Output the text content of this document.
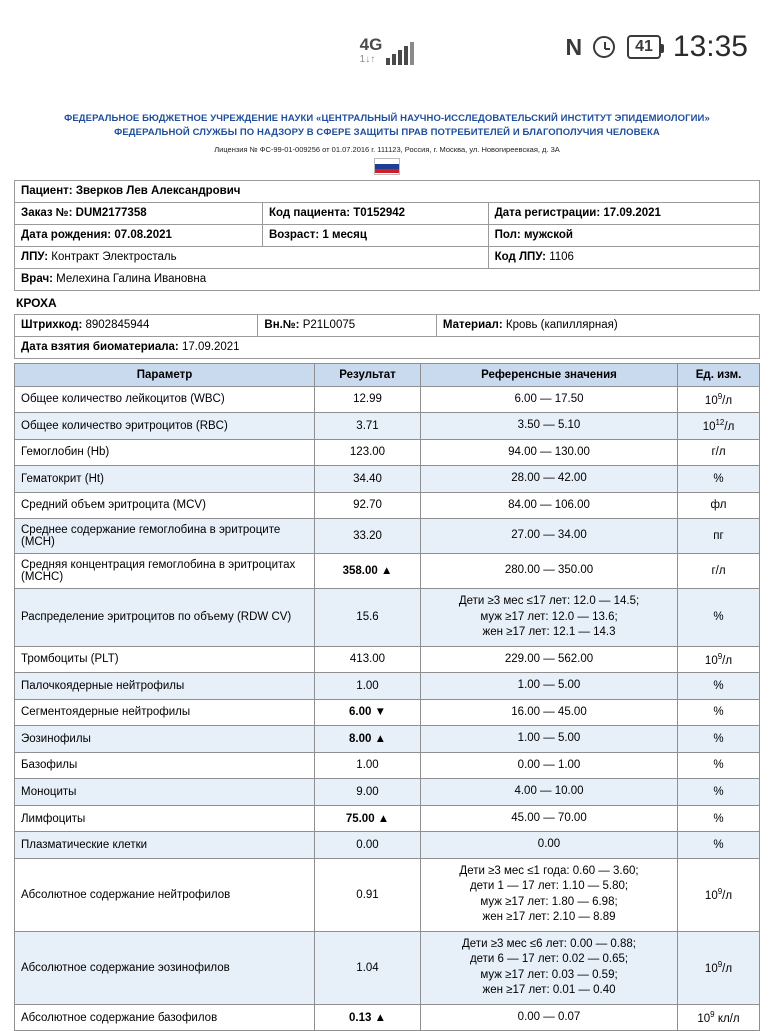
4G
1↓↑	N	41 13:35
ФЕДЕРАЛЬНОЕ БЮДЖЕТНОЕ УЧРЕЖДЕНИЕ НАУКИ «ЦЕНТРАЛЬНЫЙ НАУЧНО-ИССЛЕДОВАТЕЛЬСКИЙ ИНСТИТУТ ЭПИДЕМИОЛОГИИ»
ФЕДЕРАЛЬНОЙ СЛУЖБЫ ПО НАДЗОРУ В СФЕРЕ ЗАЩИТЫ ПРАВ ПОТРЕБИТЕЛЕЙ И БЛАГОПОЛУЧИЯ ЧЕЛОВЕКА
Лицензия № ФС-99-01-009256 от 01.07.2016 г. 111123, Россия, г. Москва, ул. Новогиреевская, д. 3А
Пациент: Зверков Лев Александрович		
Заказ №: DUM2177358	Код пациента: T0152942	Дата регистрации: 17.09.2021
Дата рождения: 07.08.2021	Возраст: 1 месяц	Пол: мужской
ЛПУ: Контракт Электросталь		Код ЛПУ: 1106
Врач: Мелехина Галина Ивановна		
КРОХА
Штрихкод: 8902845944	Вн.№: P21L0075	Материал: Кровь (капиллярная)
Дата взятия биоматериала: 17.09.2021
Параметр	Результат	Референсные значения	Ед. изм.
Общее количество лейкоцитов (WBC)	12.99	6.00 — 17.50	$10^9/л$
Общее количество эритроцитов (RBC)	3.71	3.50 — 5.10	$10^{12}/л$
Гемоглобин (Hb)	123.00	94.00 — 130.00	г/л
Гематокрит (Ht)	34.40	28.00 — 42.00	%
Средний объем эритроцита (MCV)	92.70	84.00 — 106.00	фл
Среднее содержание гемоглобина в эритроците (MCH)	33.20	27.00 — 34.00	пг
Средняя концентрация гемоглобина в эритроцитах (MCHC)	358.00 ▲	280.00 — 350.00	г/л
Распределение эритроцитов по объему (RDW CV)	15.6	Дети ≥3 мес ≤17 лет: 12.0 — 14.5;
муж ≥17 лет: 12.0 — 13.6;
жен ≥17 лет: 12.1 — 14.3	%
Тромбоциты (PLT)	413.00	229.00 — 562.00	$10^9/л$
Палочкоядерные нейтрофилы	1.00	1.00 — 5.00	%
Сегментоядерные нейтрофилы	6.00 ▼	16.00 — 45.00	%
Эозинофилы	8.00 ▲	1.00 — 5.00	%
Базофилы	1.00	0.00 — 1.00	%
Моноциты	9.00	4.00 — 10.00	%
Лимфоциты	75.00 ▲	45.00 — 70.00	%
Плазматические клетки	0.00	0.00	%
Абсолютное содержание нейтрофилов	0.91	Дети ≥3 мес ≤1 года: 0.60 — 3.60;
дети 1 — 17 лет: 1.10 — 5.80;
муж ≥17 лет: 1.80 — 6.98;
жен ≥17 лет: 2.10 — 8.89	$10^9/л$
Абсолютное содержание эозинофилов	1.04	Дети ≥3 мес ≤6 лет: 0.00 — 0.88;
дети 6 — 17 лет: 0.02 — 0.65;
муж ≥17 лет: 0.03 — 0.59;
жен ≥17 лет: 0.01 — 0.40	$10^9/л$
Абсолютное содержание базофилов	0.13 ▲	0.00 — 0.07	$10^9$ кл/л
